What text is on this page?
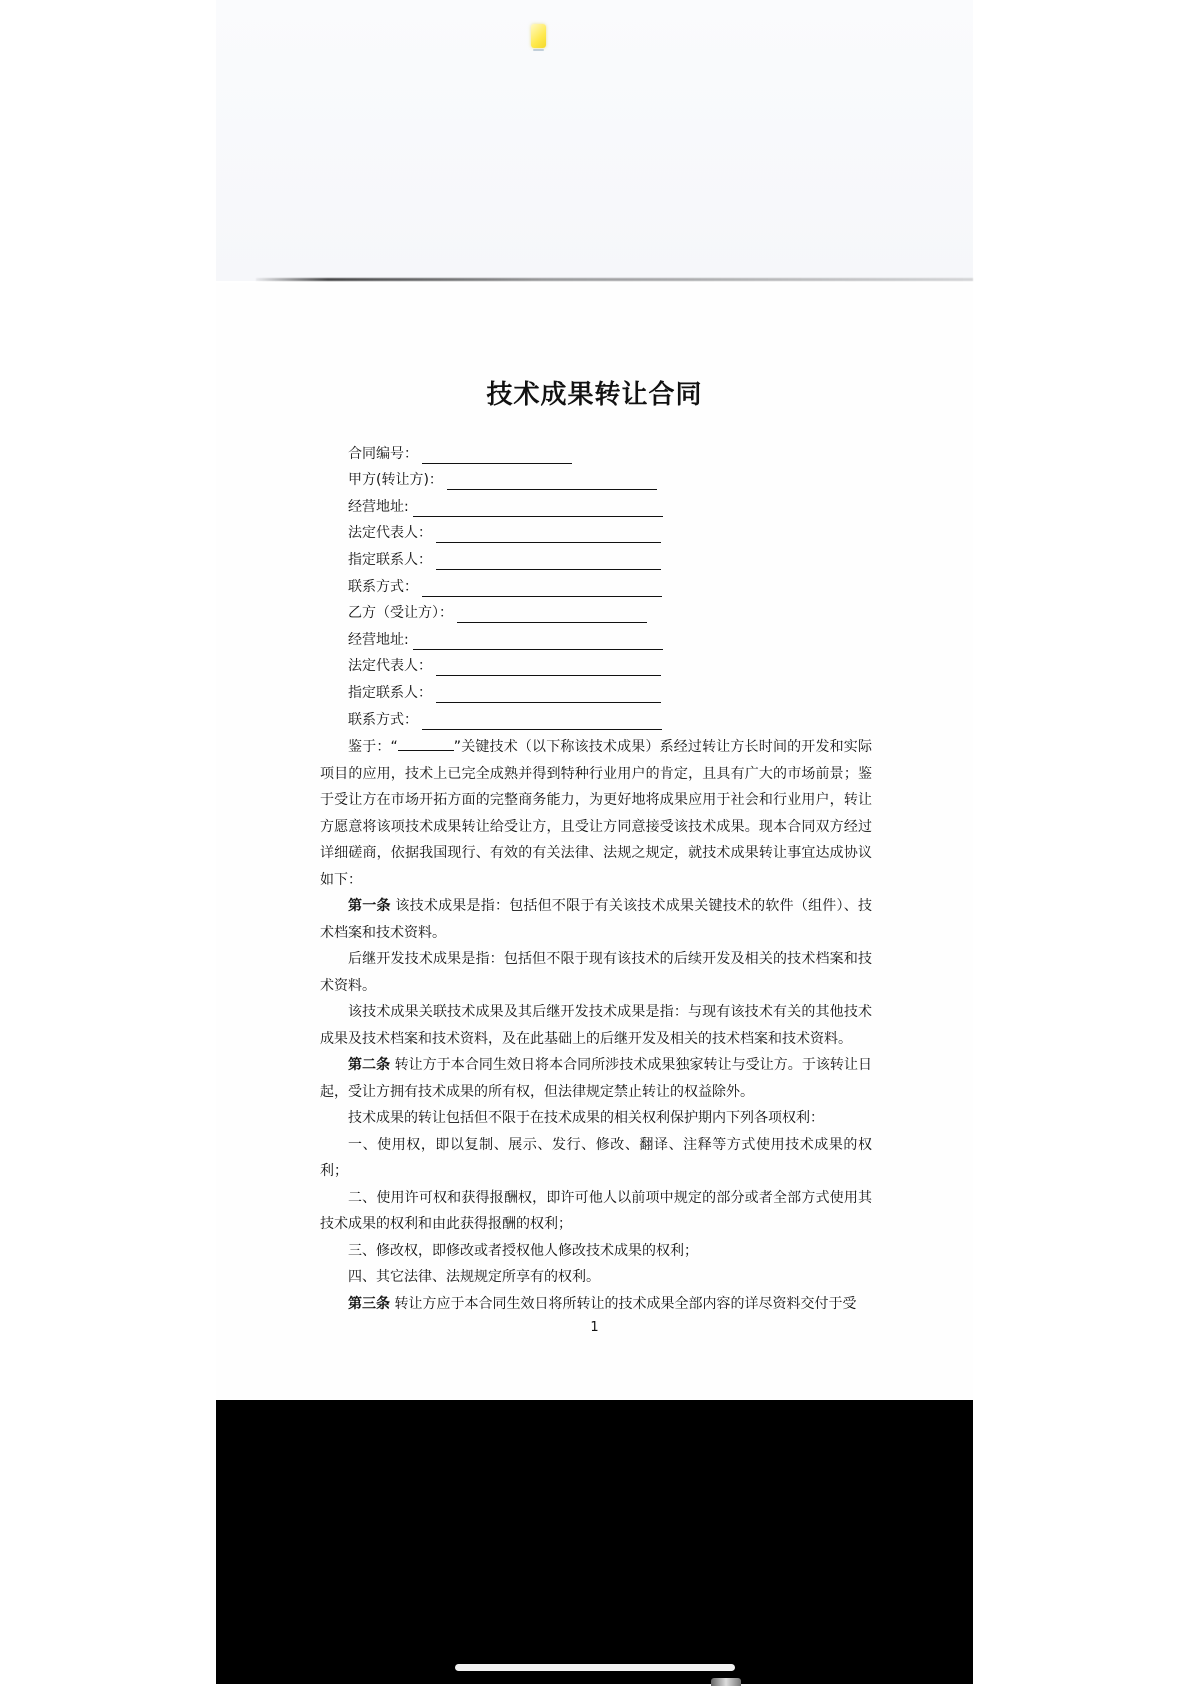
技术成果转让合同
合同编号：
甲方(转让方)：
经营地址:
法定代表人：
指定联系人：
联系方式：
乙方（受让方）：
经营地址:
法定代表人：
指定联系人：
联系方式：

鉴于：“	”关键技术（以下称该技术成果）系经过转让方长时间的开发和实际项目的应用，技术上已完全成熟并得到特种行业用户的肯定，且具有广大的市场前景；鉴于受让方在市场开拓方面的完整商务能力，为更好地将成果应用于社会和行业用户，转让方愿意将该项技术成果转让给受让方，且受让方同意接受该技术成果。现本合同双方经过详细磋商，依据我国现行、有效的有关法律、法规之规定，就技术成果转让事宜达成协议如下：

第一条 该技术成果是指：包括但不限于有关该技术成果关键技术的软件（组件）、技术档案和技术资料。

后继开发技术成果是指：包括但不限于现有该技术的后续开发及相关的技术档案和技术资料。

该技术成果关联技术成果及其后继开发技术成果是指：与现有该技术有关的其他技术成果及技术档案和技术资料，及在此基础上的后继开发及相关的技术档案和技术资料。

第二条 转让方于本合同生效日将本合同所涉技术成果独家转让与受让方。于该转让日起，受让方拥有技术成果的所有权，但法律规定禁止转让的权益除外。

技术成果的转让包括但不限于在技术成果的相关权利保护期内下列各项权利：

一、使用权，即以复制、展示、发行、修改、翻译、注释等方式使用技术成果的权利；

二、使用许可权和获得报酬权，即许可他人以前项中规定的部分或者全部方式使用其技术成果的权利和由此获得报酬的权利；

三、修改权，即修改或者授权他人修改技术成果的权利；

四、其它法律、法规规定所享有的权利。

第三条 转让方应于本合同生效日将所转让的技术成果全部内容的详尽资料交付于受

1
